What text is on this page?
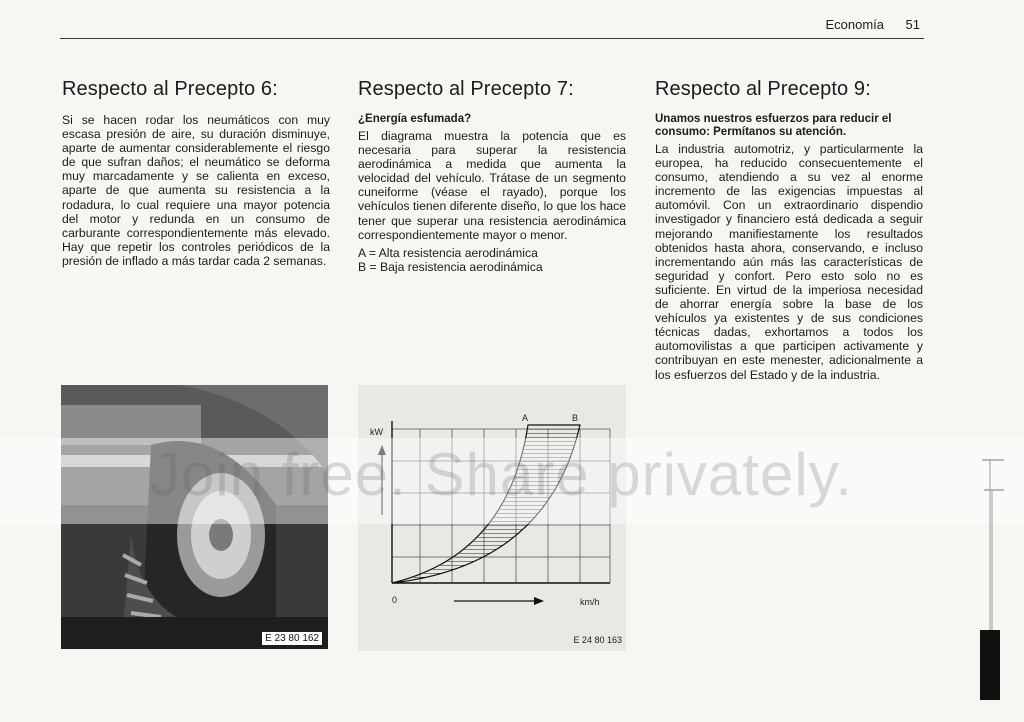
Economía 51
Respecto al Precepto 6:

Si se hacen rodar los neumáticos con muy escasa presión de aire, su duración disminuye, aparte de aumentar considerablemente el riesgo de que sufran daños; el neumático se deforma muy marcadamente y se calienta en exceso, aparte de que aumenta su resistencia a la rodadura, lo cual requiere una mayor potencia del motor y redunda en un consumo de carburante correspondientemente más elevado. Hay que repetir los controles periódicos de la presión de inflado a más tardar cada 2 semanas.

Respecto al Precepto 7:
¿Energía esfumada?

El diagrama muestra la potencia que es necesaria para superar la resistencia aerodinámica a medida que aumenta la velocidad del vehículo. Trátase de un segmento cuneiforme (véase el rayado), porque los vehículos tienen diferente diseño, lo que los hace tener que superar una resistencia aerodinámica correspondientemente mayor o menor.

A = Alta resistencia aerodinámica
B = Baja resistencia aerodinámica
Respecto al Precepto 9:
Unamos nuestros esfuerzos para reducir el consumo: Permítanos su atención.

La industria automotriz, y particularmente la europea, ha reducido consecuentemente el consumo, atendiendo a su vez al enorme incremento de las exigencias impuestas al automóvil. Con un extraordinario dispendio investigador y financiero está dedicada a seguir mejorando manifiestamente los resultados obtenidos hasta ahora, conservando, e incluso incrementando aún más las características de seguridad y confort. Pero esto solo no es suficiente. En virtud de la imperiosa necesidad de ahorrar energía sobre la base de los vehículos ya existentes y de sus condiciones técnicas dadas, exhortamos a todos los automovilistas a que participen activamente y contribuyan en este menester, adicionalmente a los esfuerzos del Estado y de la industria.

E 23 80 162
kW
km/h
0
A	B
E 24 80 163
Join free. Share privately.
